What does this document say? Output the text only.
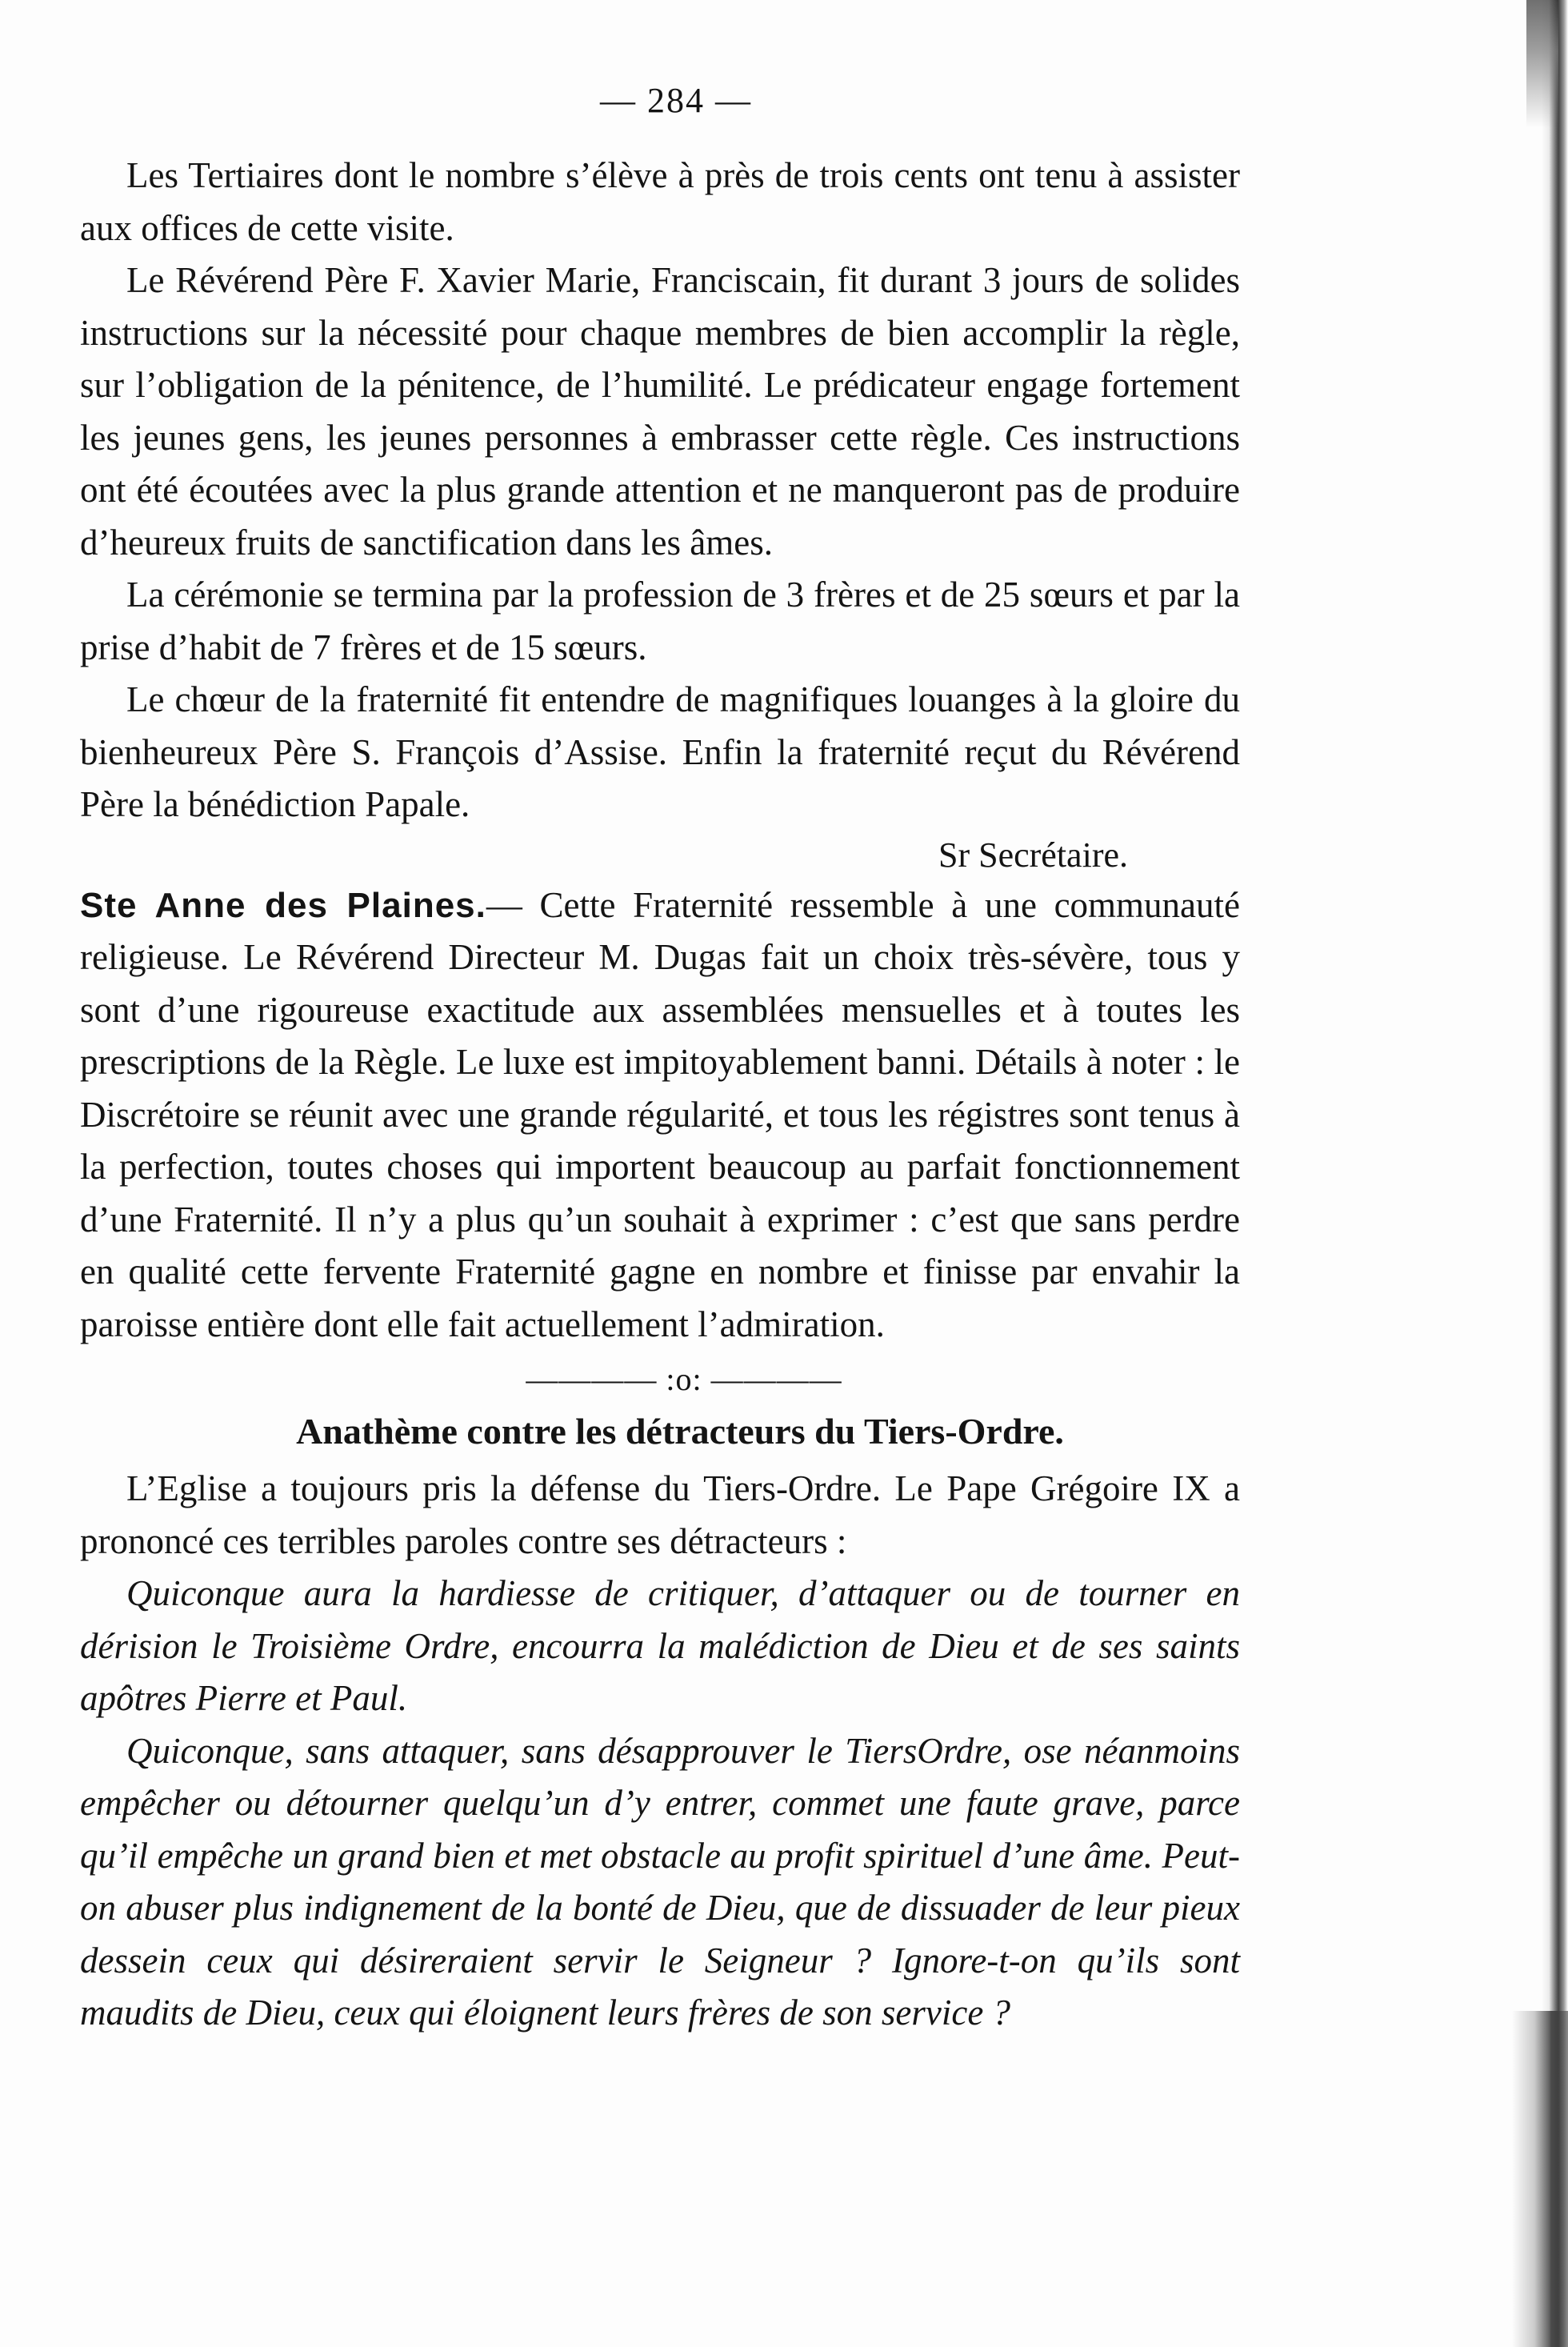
— 284 —

Les Tertiaires dont le nombre s’élève à près de trois cents ont tenu à assister aux offices de cette visite.

Le Révérend Père F. Xavier Marie, Franciscain, fit durant 3 jours de solides instructions sur la nécessité pour chaque membres de bien accomplir la règle, sur l’obligation de la pénitence, de l’humilité. Le prédicateur engage fortement les jeunes gens, les jeunes personnes à embrasser cette règle. Ces instructions ont été écoutées avec la plus grande attention et ne manqueront pas de produire d’heureux fruits de sanctification dans les âmes.

La cérémonie se termina par la profession de 3 frères et de 25 sœurs et par la prise d’habit de 7 frères et de 15 sœurs.

Le chœur de la fraternité fit entendre de magnifiques louanges à la gloire du bienheureux Père S. François d’Assise. Enfin la fraternité reçut du Révérend Père la bénédiction Papale.

Sr Secrétaire.

Ste Anne des Plaines.— Cette Fraternité ressemble à une communauté religieuse. Le Révérend Directeur M. Dugas fait un choix très-sévère, tous y sont d’une rigoureuse exactitude aux assemblées mensuelles et à toutes les prescriptions de la Règle. Le luxe est impitoyablement banni. Détails à noter : le Discrétoire se réunit avec une grande régularité, et tous les régistres sont tenus à la perfection, toutes choses qui importent beaucoup au parfait fonctionnement d’une Fraternité. Il n’y a plus qu’un souhait à exprimer : c’est que sans perdre en qualité cette fervente Fraternité gagne en nombre et finisse par envahir la paroisse entière dont elle fait actuellement l’admiration.

———— :o: ————
Anathème contre les détracteurs du Tiers-Ordre.

L’Eglise a toujours pris la défense du Tiers-Ordre. Le Pape Grégoire IX a prononcé ces terribles paroles contre ses détracteurs :

Quiconque aura la hardiesse de critiquer, d’attaquer ou de tourner en dérision le Troisième Ordre, encourra la malédiction de Dieu et de ses saints apôtres Pierre et Paul.

Quiconque, sans attaquer, sans désapprouver le TiersOrdre, ose néanmoins empêcher ou détourner quelqu’un d’y entrer, commet une faute grave, parce qu’il empêche un grand bien et met obstacle au profit spirituel d’une âme. Peut-on abuser plus indignement de la bonté de Dieu, que de dissuader de leur pieux dessein ceux qui désireraient servir le Seigneur ? Ignore-t-on qu’ils sont maudits de Dieu, ceux qui éloignent leurs frères de son service ?
